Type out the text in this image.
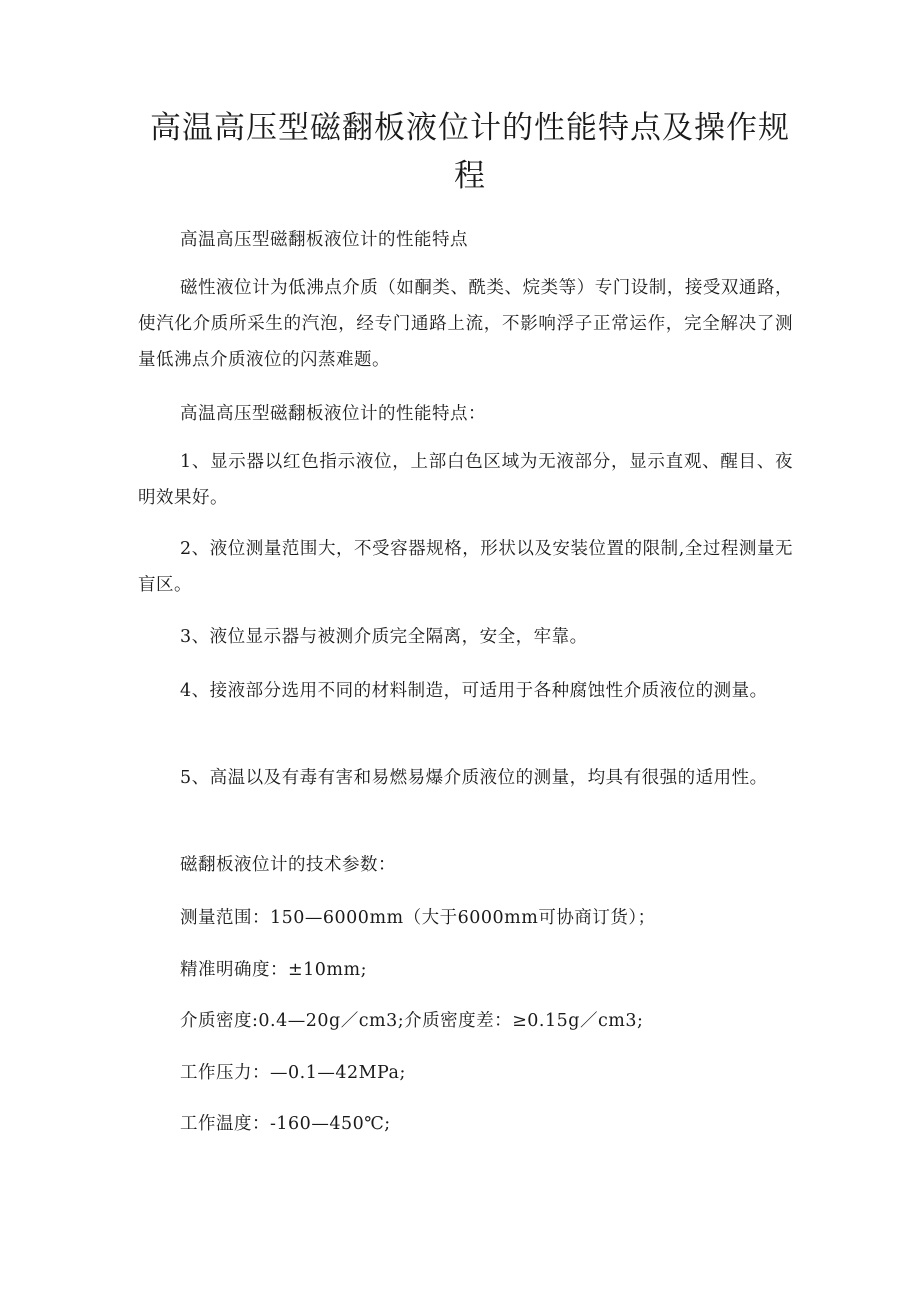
高温高压型磁翻板液位计的性能特点及操作规程

高温高压型磁翻板液位计的性能特点

磁性液位计为低沸点介质（如酮类、酰类、烷类等）专门设制，接受双通路，使汽化介质所采生的汽泡，经专门通路上流，不影响浮子正常运作，完全解决了测量低沸点介质液位的闪蒸难题。

高温高压型磁翻板液位计的性能特点：

1、显示器以红色指示液位，上部白色区域为无液部分，显示直观、醒目、夜明效果好。

2、液位测量范围大，不受容器规格，形状以及安装位置的限制,全过程测量无盲区。

3、液位显示器与被测介质完全隔离，安全，牢靠。

4、接液部分选用不同的材料制造，可适用于各种腐蚀性介质液位的测量。

5、高温以及有毒有害和易燃易爆介质液位的测量，均具有很强的适用性。

磁翻板液位计的技术参数：

测量范围：150—6000mm（大于6000mm可协商订货）；

精准明确度：±10mm;

介质密度:0.4—20g／cm3;介质密度差：≥0.15g／cm3;

工作压力：—0.1—42MPa;

工作温度：-160—450℃;
